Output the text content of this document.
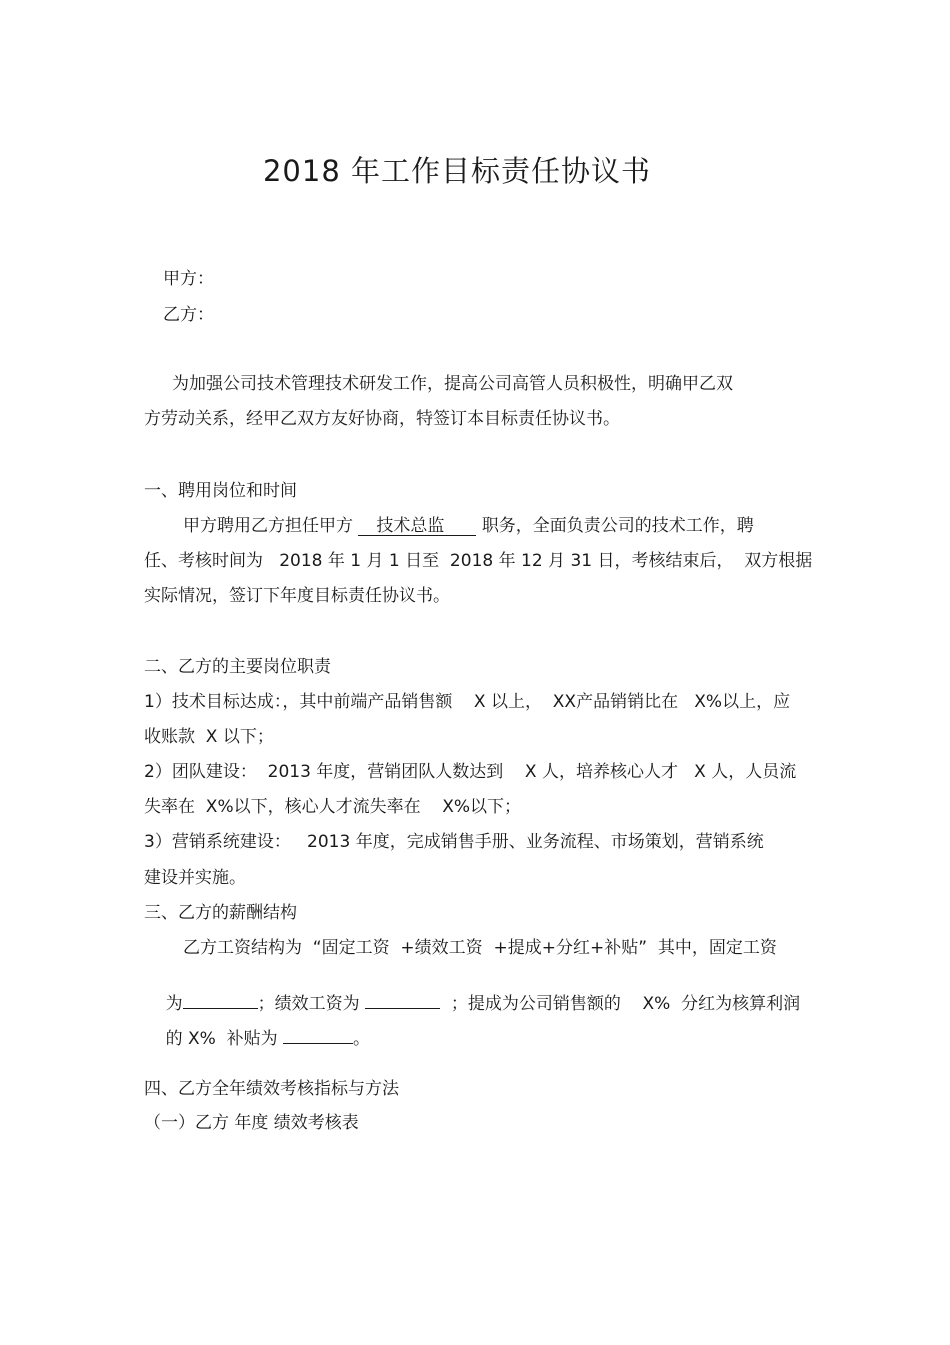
2018 年工作目标责任协议书
甲方：
乙方：
为加强公司技术管理技术研发工作，提高公司高管人员积极性，明确甲乙双
方劳动关系，经甲乙双方友好协商，特签订本目标责任协议书。
一、聘用岗位和时间
甲方聘用乙方担任甲方 技术总监 职务，全面负责公司的技术工作，聘
任、考核时间为   2018 年 1 月 1 日至  2018 年 12 月 31 日，考核结束后，  双方根据
实际情况，签订下年度目标责任协议书。
二、乙方的主要岗位职责
1）技术目标达成：，其中前端产品销售额    X 以上，  XX产品销销比在   X%以上，应
收账款  X 以下；
2）团队建设：  2013 年度，营销团队人数达到    X 人，培养核心人才   X 人，人员流
失率在  X%以下，核心人才流失率在    X%以下；
3）营销系统建设：   2013 年度，完成销售手册、业务流程、市场策划，营销系统
建设并实施。
三、乙方的薪酬结构
乙方工资结构为  “固定工资  +绩效工资  +提成+分红+补贴”  其中，固定工资

为	；绩效工资为	；提成为公司销售额的    X%  分红为核算利润

的 X%  补贴为	。

四、乙方全年绩效考核指标与方法
（一）乙方 年度 绩效考核表
